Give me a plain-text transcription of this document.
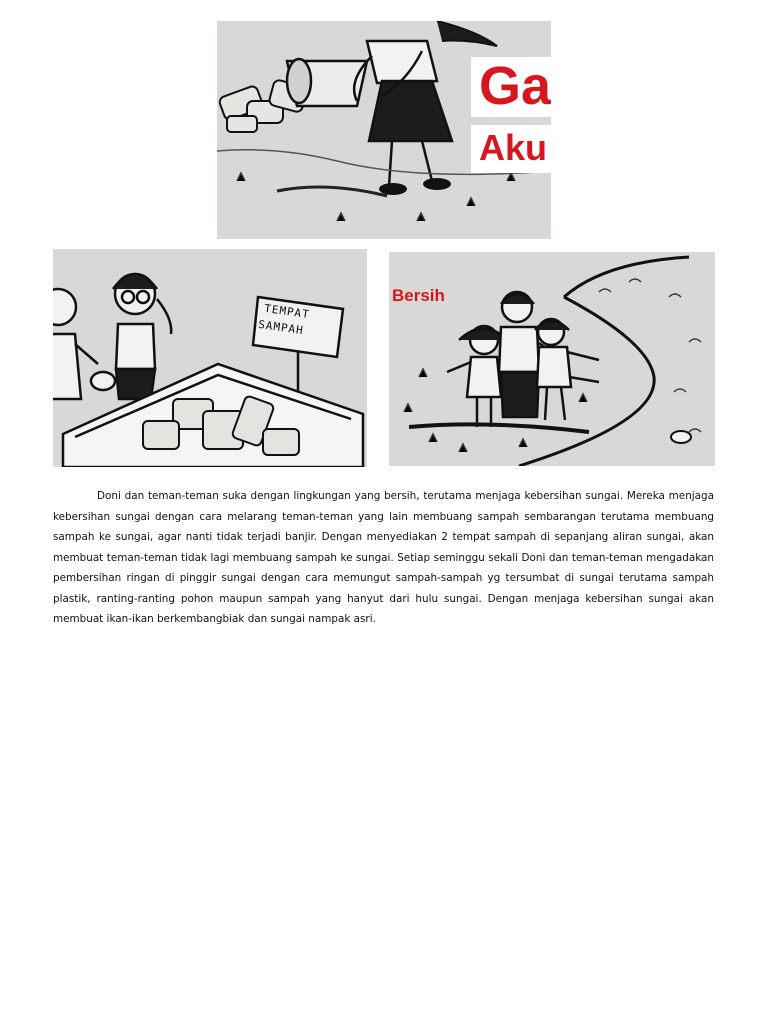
Ga
Aku
TEMPAT
SAMPAH
Bersih

Doni dan teman-teman suka dengan lingkungan yang bersih, terutama menjaga kebersihan sungai. Mereka menjaga kebersihan sungai dengan cara melarang teman-teman yang lain membuang sampah sembarangan terutama membuang sampah ke sungai, agar nanti tidak terjadi banjir. Dengan menyediakan 2 tempat sampah di sepanjang aliran sungai, akan membuat teman-teman tidak lagi membuang sampah ke sungai. Setiap seminggu sekali Doni dan teman-teman mengadakan pembersihan ringan di pinggir sungai dengan cara memungut sampah-sampah yg tersumbat di sungai terutama sampah plastik, ranting-ranting pohon maupun sampah yang hanyut dari hulu sungai. Dengan menjaga kebersihan sungai akan membuat ikan-ikan berkembangbiak dan sungai nampak asri.
